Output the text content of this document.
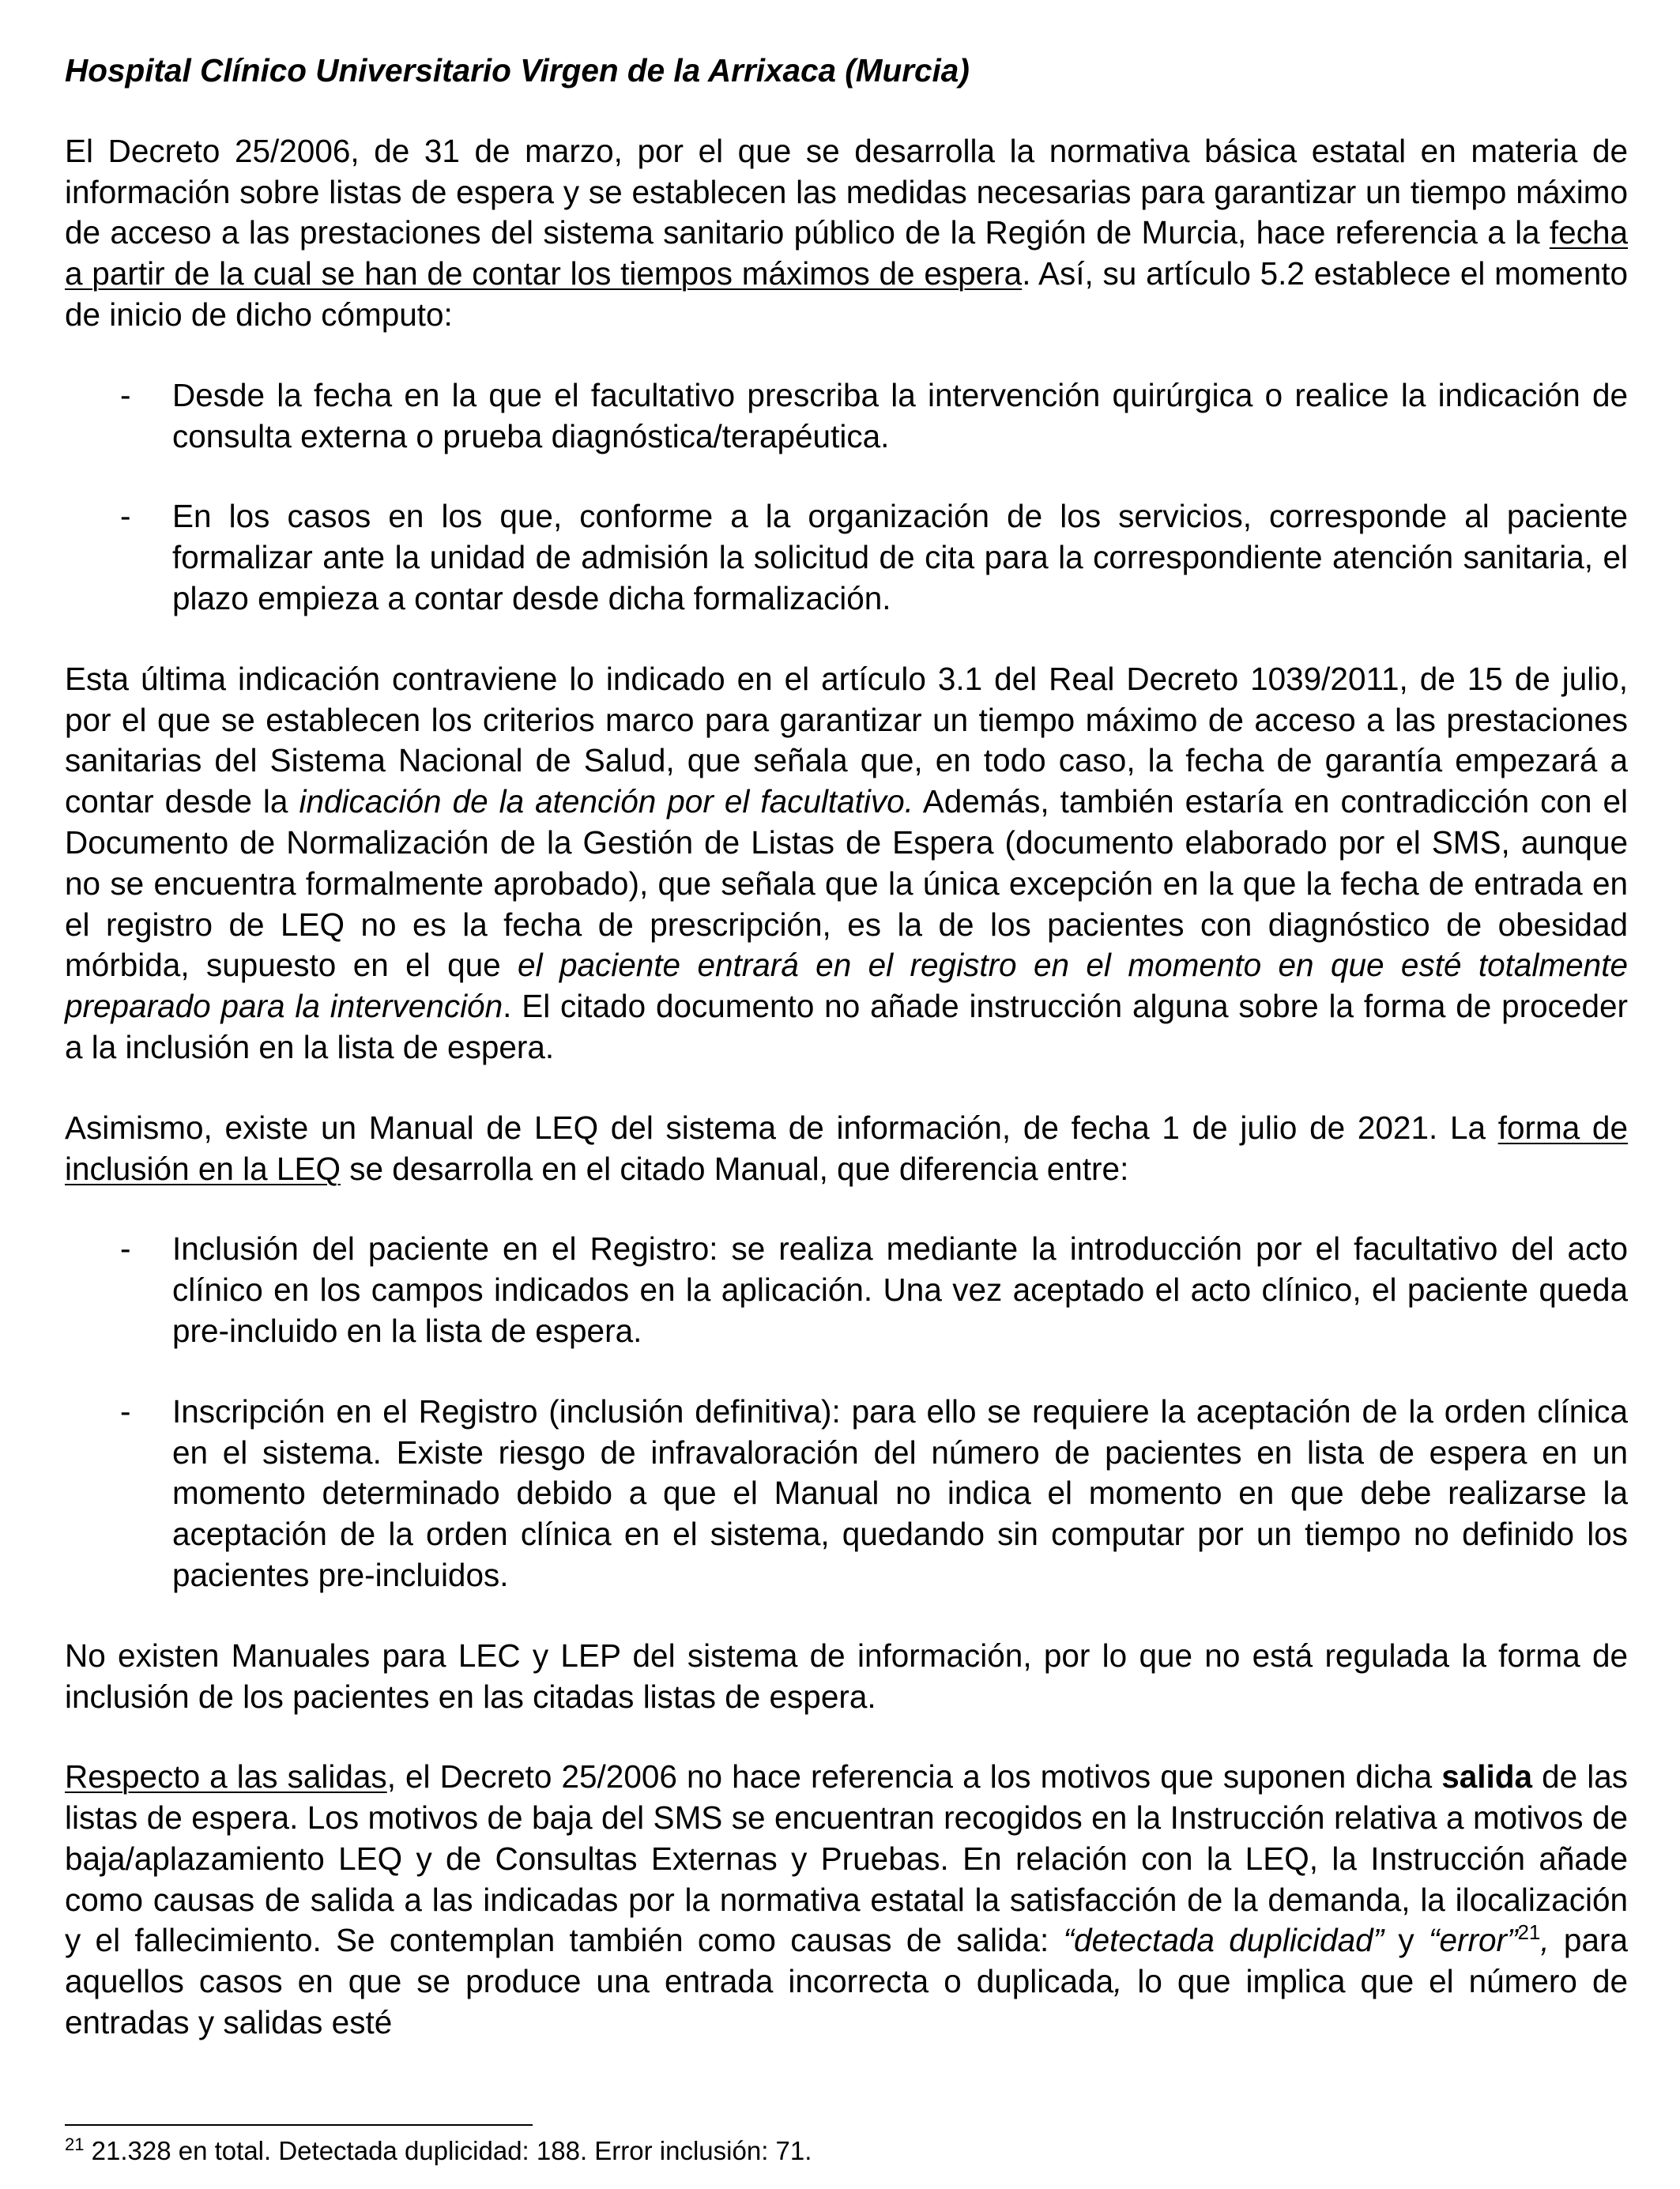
Hospital Clínico Universitario Virgen de la Arrixaca (Murcia)

El Decreto 25/2006, de 31 de marzo, por el que se desarrolla la normativa básica estatal en materia de información sobre listas de espera y se establecen las medidas necesarias para garantizar un tiempo máximo de acceso a las prestaciones del sistema sanitario público de la Región de Murcia, hace referencia a la fecha a partir de la cual se han de contar los tiempos máximos de espera. Así, su artículo 5.2 establece el momento de inicio de dicho cómputo:

-	Desde la fecha en la que el facultativo prescriba la intervención quirúrgica o realice la indicación de consulta externa o prueba diagnóstica/terapéutica.
-	En los casos en los que, conforme a la organización de los servicios, corresponde al paciente formalizar ante la unidad de admisión la solicitud de cita para la correspondiente atención sanitaria, el plazo empieza a contar desde dicha formalización.

Esta última indicación contraviene lo indicado en el artículo 3.1 del Real Decreto 1039/2011, de 15 de julio, por el que se establecen los criterios marco para garantizar un tiempo máximo de acceso a las prestaciones sanitarias del Sistema Nacional de Salud, que señala que, en todo caso, la fecha de garantía empezará a contar desde la indicación de la atención por el facultativo. Además, también estaría en contradicción con el Documento de Normalización de la Gestión de Listas de Espera (documento elaborado por el SMS, aunque no se encuentra formalmente aprobado), que señala que la única excepción en la que la fecha de entrada en el registro de LEQ no es la fecha de prescripción, es la de los pacientes con diagnóstico de obesidad mórbida, supuesto en el que el paciente entrará en el registro en el momento en que esté totalmente preparado para la intervención. El citado documento no añade instrucción alguna sobre la forma de proceder a la inclusión en la lista de espera.

Asimismo, existe un Manual de LEQ del sistema de información, de fecha 1 de julio de 2021. La forma de inclusión en la LEQ se desarrolla en el citado Manual, que diferencia entre:

-	Inclusión del paciente en el Registro: se realiza mediante la introducción por el facultativo del acto clínico en los campos indicados en la aplicación. Una vez aceptado el acto clínico, el paciente queda pre-incluido en la lista de espera.
-	Inscripción en el Registro (inclusión definitiva): para ello se requiere la aceptación de la orden clínica en el sistema. Existe riesgo de infravaloración del número de pacientes en lista de espera en un momento determinado debido a que el Manual no indica el momento en que debe realizarse la aceptación de la orden clínica en el sistema, quedando sin computar por un tiempo no definido los pacientes pre-incluidos.

No existen Manuales para LEC y LEP del sistema de información, por lo que no está regulada la forma de inclusión de los pacientes en las citadas listas de espera.

Respecto a las salidas, el Decreto 25/2006 no hace referencia a los motivos que suponen dicha salida de las listas de espera. Los motivos de baja del SMS se encuentran recogidos en la Instrucción relativa a motivos de baja/aplazamiento LEQ y de Consultas Externas y Pruebas. En relación con la LEQ, la Instrucción añade como causas de salida a las indicadas por la normativa estatal la satisfacción de la demanda, la ilocalización y el fallecimiento. Se contemplan también como causas de salida: “detectada duplicidad” y “error”$^{21}$, para aquellos casos en que se produce una entrada incorrecta o duplicada, lo que implica que el número de entradas y salidas esté

$^{21}$ 21.328 en total. Detectada duplicidad: 188. Error inclusión: 71.
